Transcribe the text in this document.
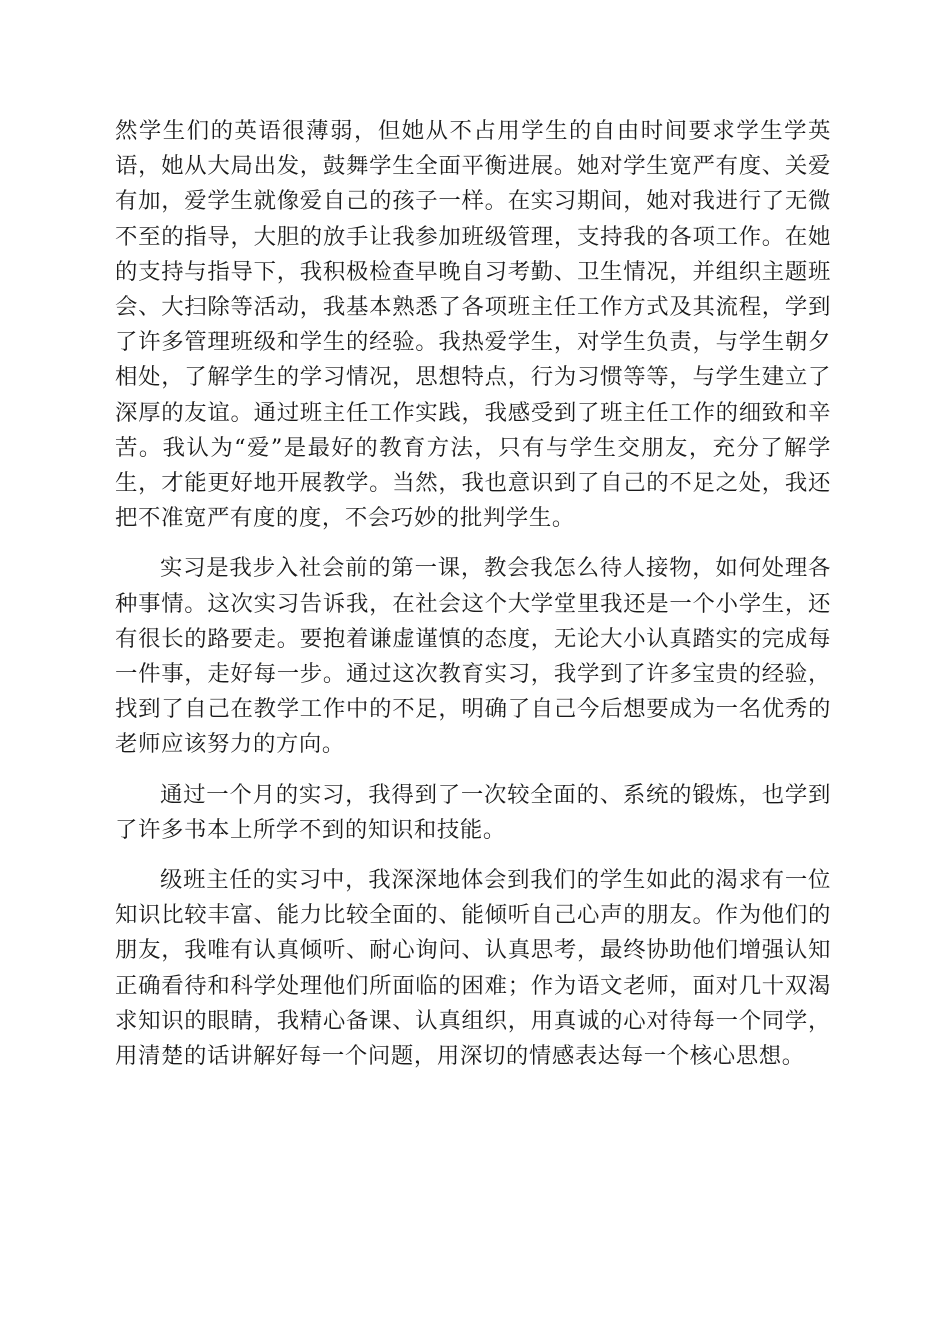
然学生们的英语很薄弱，但她从不占用学生的自由时间要求学生学英语，她从大局出发，鼓舞学生全面平衡进展。她对学生宽严有度、关爱有加，爱学生就像爱自己的孩子一样。在实习期间，她对我进行了无微不至的指导，大胆的放手让我参加班级管理，支持我的各项工作。在她的支持与指导下，我积极检查早晚自习考勤、卫生情况，并组织主题班会、大扫除等活动，我基本熟悉了各项班主任工作方式及其流程，学到了许多管理班级和学生的经验。我热爱学生，对学生负责，与学生朝夕相处，了解学生的学习情况，思想特点，行为习惯等等，与学生建立了深厚的友谊。通过班主任工作实践，我感受到了班主任工作的细致和辛苦。我认为“爱”是最好的教育方法，只有与学生交朋友，充分了解学生，才能更好地开展教学。当然，我也意识到了自己的不足之处，我还把不准宽严有度的度，不会巧妙的批判学生。

实习是我步入社会前的第一课，教会我怎么待人接物，如何处理各种事情。这次实习告诉我，在社会这个大学堂里我还是一个小学生，还有很长的路要走。要抱着谦虚谨慎的态度，无论大小认真踏实的完成每一件事，走好每一步。通过这次教育实习，我学到了许多宝贵的经验，找到了自己在教学工作中的不足，明确了自己今后想要成为一名优秀的老师应该努力的方向。

通过一个月的实习，我得到了一次较全面的、系统的锻炼，也学到了许多书本上所学不到的知识和技能。

级班主任的实习中，我深深地体会到我们的学生如此的渴求有一位知识比较丰富、能力比较全面的、能倾听自己心声的朋友。作为他们的朋友，我唯有认真倾听、耐心询问、认真思考，最终协助他们增强认知正确看待和科学处理他们所面临的困难；作为语文老师，面对几十双渴求知识的眼睛，我精心备课、认真组织，用真诚的心对待每一个同学，用清楚的话讲解好每一个问题，用深切的情感表达每一个核心思想。
